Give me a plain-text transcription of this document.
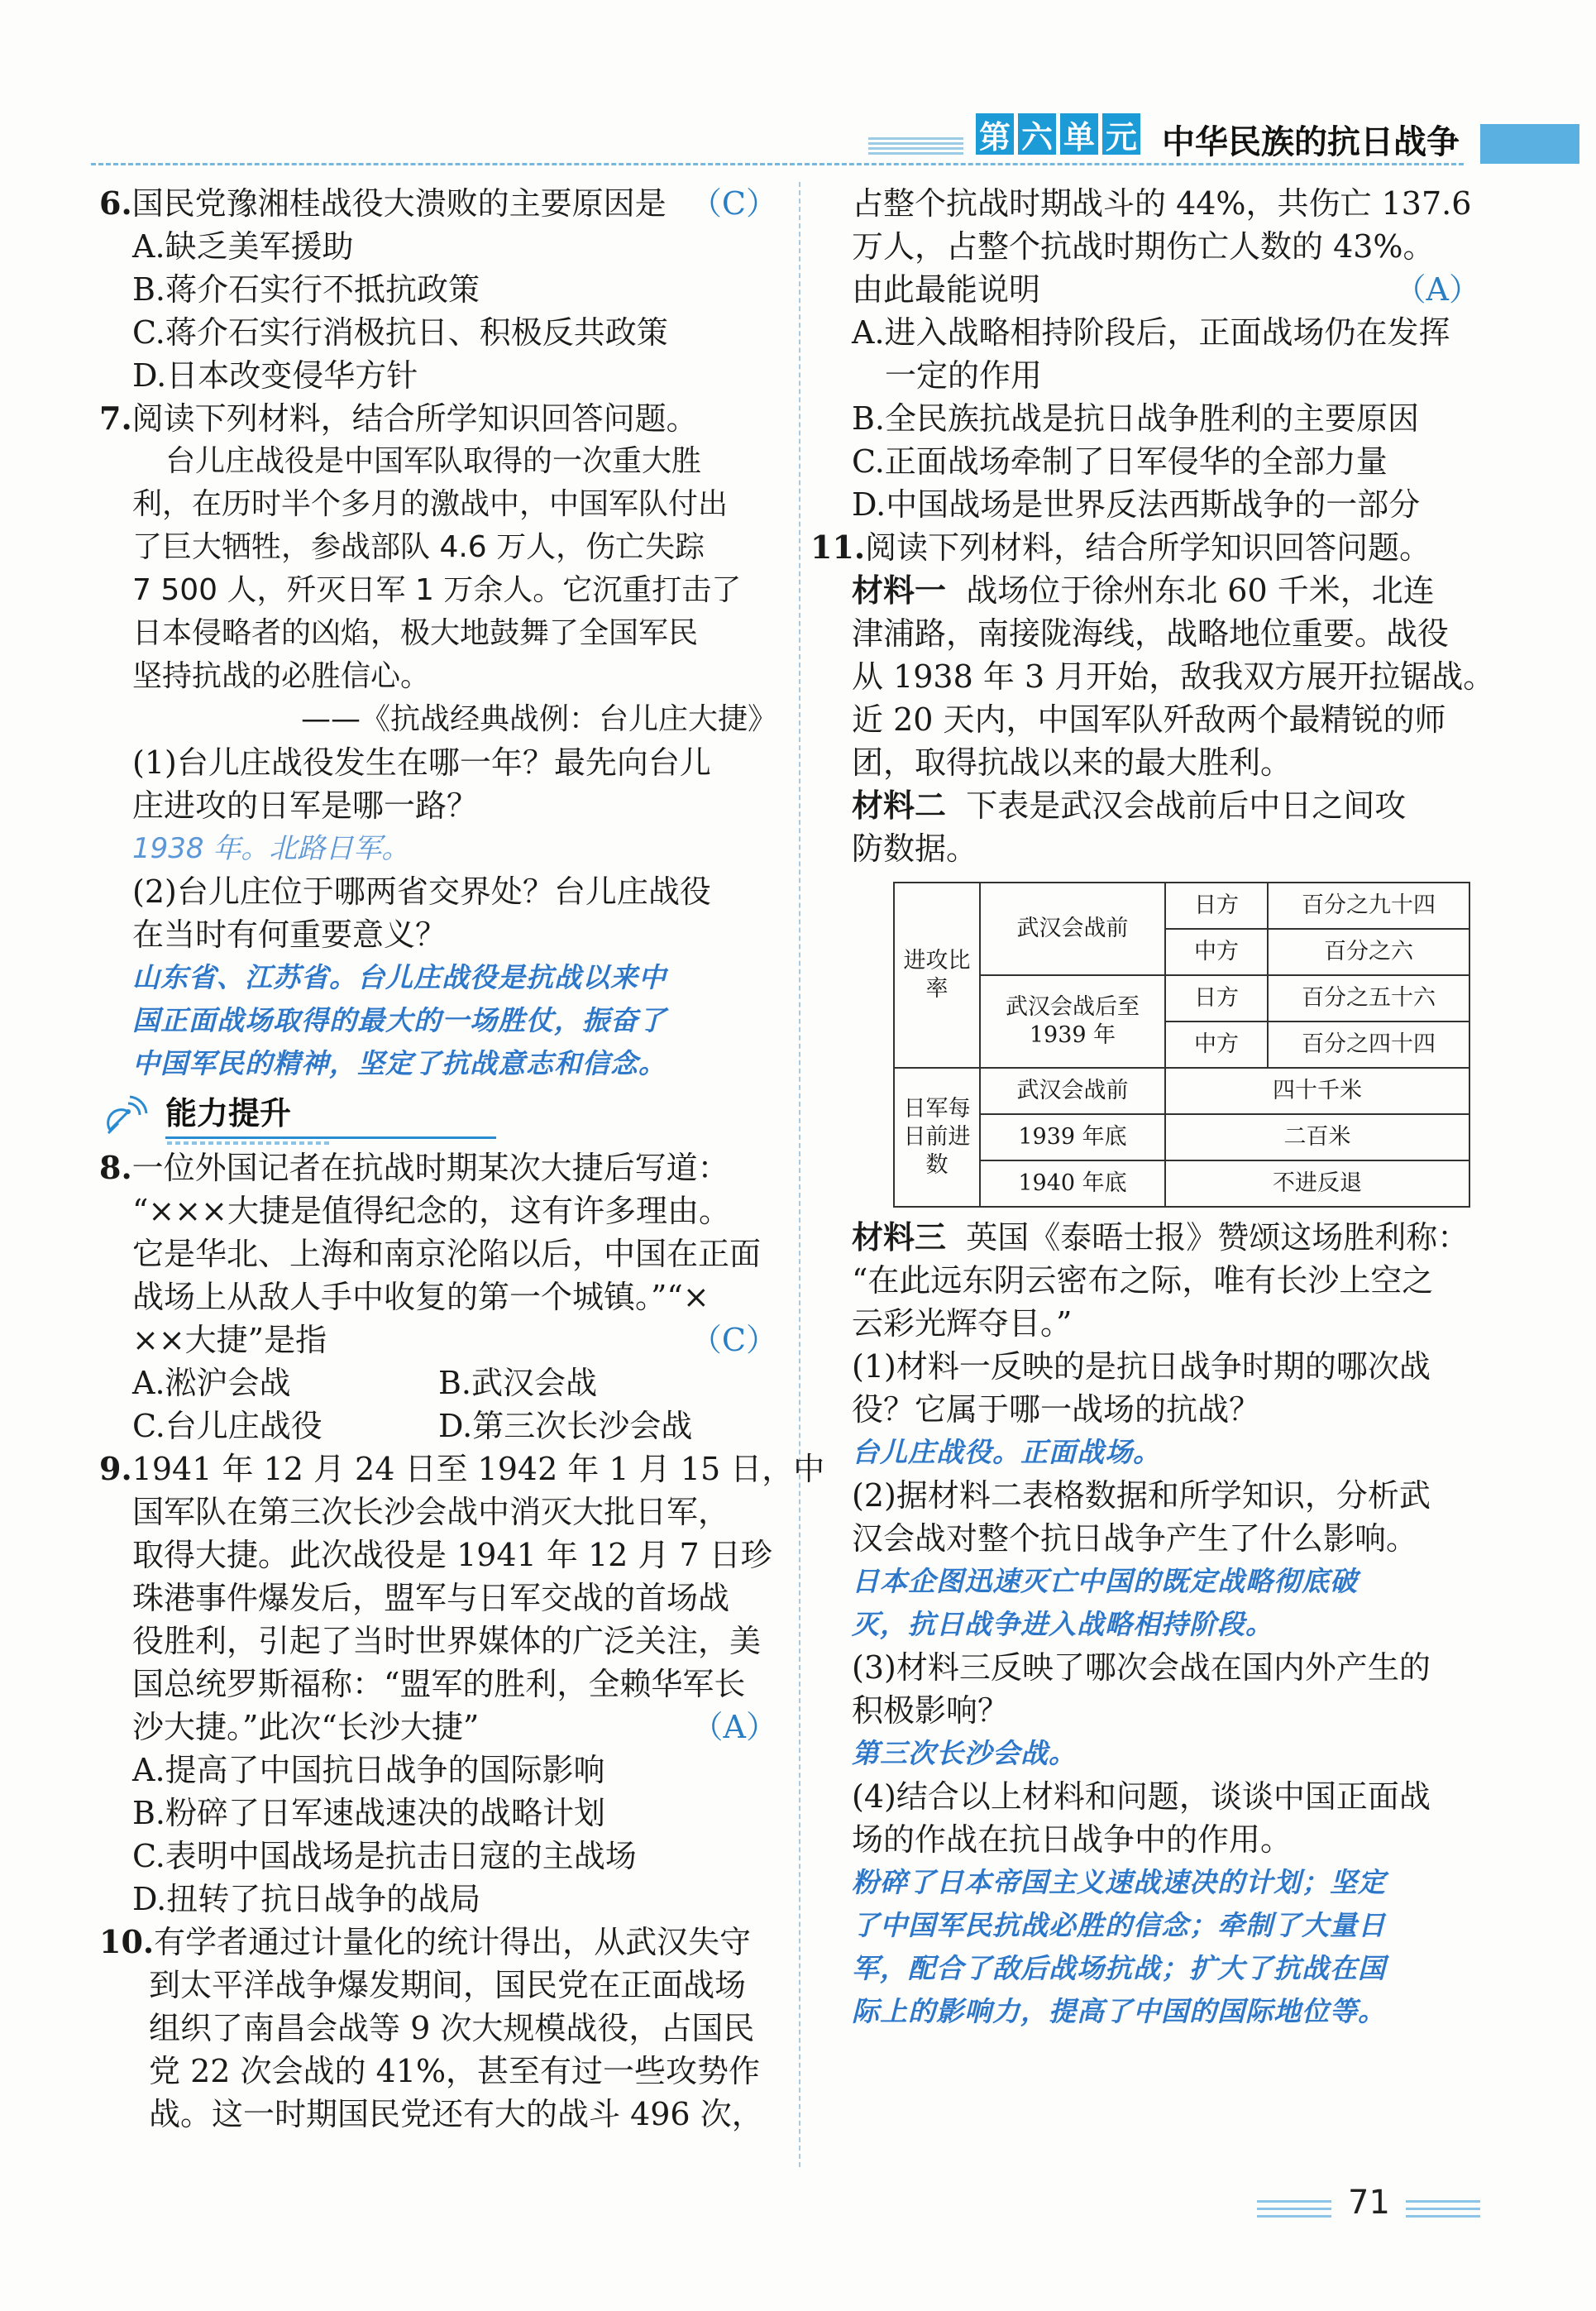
第 六 单 元 中华民族的抗日战争
6.国民党豫湘桂战役大溃败的主要原因是 （C）
A.缺乏美军援助
B.蒋介石实行不抵抗政策
C.蒋介石实行消极抗日、积极反共政策
D.日本改变侵华方针
7.阅读下列材料，结合所学知识回答问题。
台儿庄战役是中国军队取得的一次重大胜
利，在历时半个多月的激战中，中国军队付出
了巨大牺牲，参战部队 4.6 万人，伤亡失踪
7 500 人，歼灭日军 1 万余人。它沉重打击了
日本侵略者的凶焰，极大地鼓舞了全国军民
坚持抗战的必胜信心。
——《抗战经典战例：台儿庄大捷》
(1)台儿庄战役发生在哪一年？最先向台儿
庄进攻的日军是哪一路？
1938 年。北路日军。
(2)台儿庄位于哪两省交界处？台儿庄战役
在当时有何重要意义？
山东省、江苏省。台儿庄战役是抗战以来中
国正面战场取得的最大的一场胜仗，振奋了
中国军民的精神，坚定了抗战意志和信念。
能力提升
8.一位外国记者在抗战时期某次大捷后写道：
“×××大捷是值得纪念的，这有许多理由。
它是华北、上海和南京沦陷以后，中国在正面
战场上从敌人手中收复的第一个城镇。”“×
××大捷”是指	（C）
A.淞沪会战	B.武汉会战
C.台儿庄战役	D.第三次长沙会战
9.1941 年 12 月 24 日至 1942 年 1 月 15 日，中
国军队在第三次长沙会战中消灭大批日军，
取得大捷。此次战役是 1941 年 12 月 7 日珍
珠港事件爆发后，盟军与日军交战的首场战
役胜利，引起了当时世界媒体的广泛关注，美
国总统罗斯福称：“盟军的胜利，全赖华军长
沙大捷。”此次“长沙大捷”	（A）
A.提高了中国抗日战争的国际影响
B.粉碎了日军速战速决的战略计划
C.表明中国战场是抗击日寇的主战场
D.扭转了抗日战争的战局
10.有学者通过计量化的统计得出，从武汉失守
到太平洋战争爆发期间，国民党在正面战场
组织了南昌会战等 9 次大规模战役，占国民
党 22 次会战的 41%，甚至有过一些攻势作
战。这一时期国民党还有大的战斗 496 次，
占整个抗战时期战斗的 44%，共伤亡 137.6
万人，占整个抗战时期伤亡人数的 43%。
由此最能说明	（A）
A.进入战略相持阶段后，正面战场仍在发挥
一定的作用
B.全民族抗战是抗日战争胜利的主要原因
C.正面战场牵制了日军侵华的全部力量
D.中国战场是世界反法西斯战争的一部分
11.阅读下列材料，结合所学知识回答问题。
材料一 战场位于徐州东北 60 千米，北连
津浦路，南接陇海线，战略地位重要。战役
从 1938 年 3 月开始，敌我双方展开拉锯战。
近 20 天内，中国军队歼敌两个最精锐的师
团，取得抗战以来的最大胜利。
材料二 下表是武汉会战前后中日之间攻
防数据。
进攻比率	武汉会战前	日方	百分之九十四
		中方	百分之六
	武汉会战后至 1939 年	日方	百分之五十六
		中方	百分之四十四
日军每日前进数	武汉会战前	四十千米	
	1939 年底	二百米	
	1940 年底	不进反退	
材料三 英国《泰晤士报》赞颂这场胜利称：
“在此远东阴云密布之际，唯有长沙上空之
云彩光辉夺目。”
(1)材料一反映的是抗日战争时期的哪次战
役？它属于哪一战场的抗战？
台儿庄战役。正面战场。
(2)据材料二表格数据和所学知识，分析武
汉会战对整个抗日战争产生了什么影响。
日本企图迅速灭亡中国的既定战略彻底破
灭，抗日战争进入战略相持阶段。
(3)材料三反映了哪次会战在国内外产生的
积极影响？
第三次长沙会战。
(4)结合以上材料和问题，谈谈中国正面战
场的作战在抗日战争中的作用。
粉碎了日本帝国主义速战速决的计划；坚定
了中国军民抗战必胜的信念；牵制了大量日
军，配合了敌后战场抗战；扩大了抗战在国
际上的影响力，提高了中国的国际地位等。
71
